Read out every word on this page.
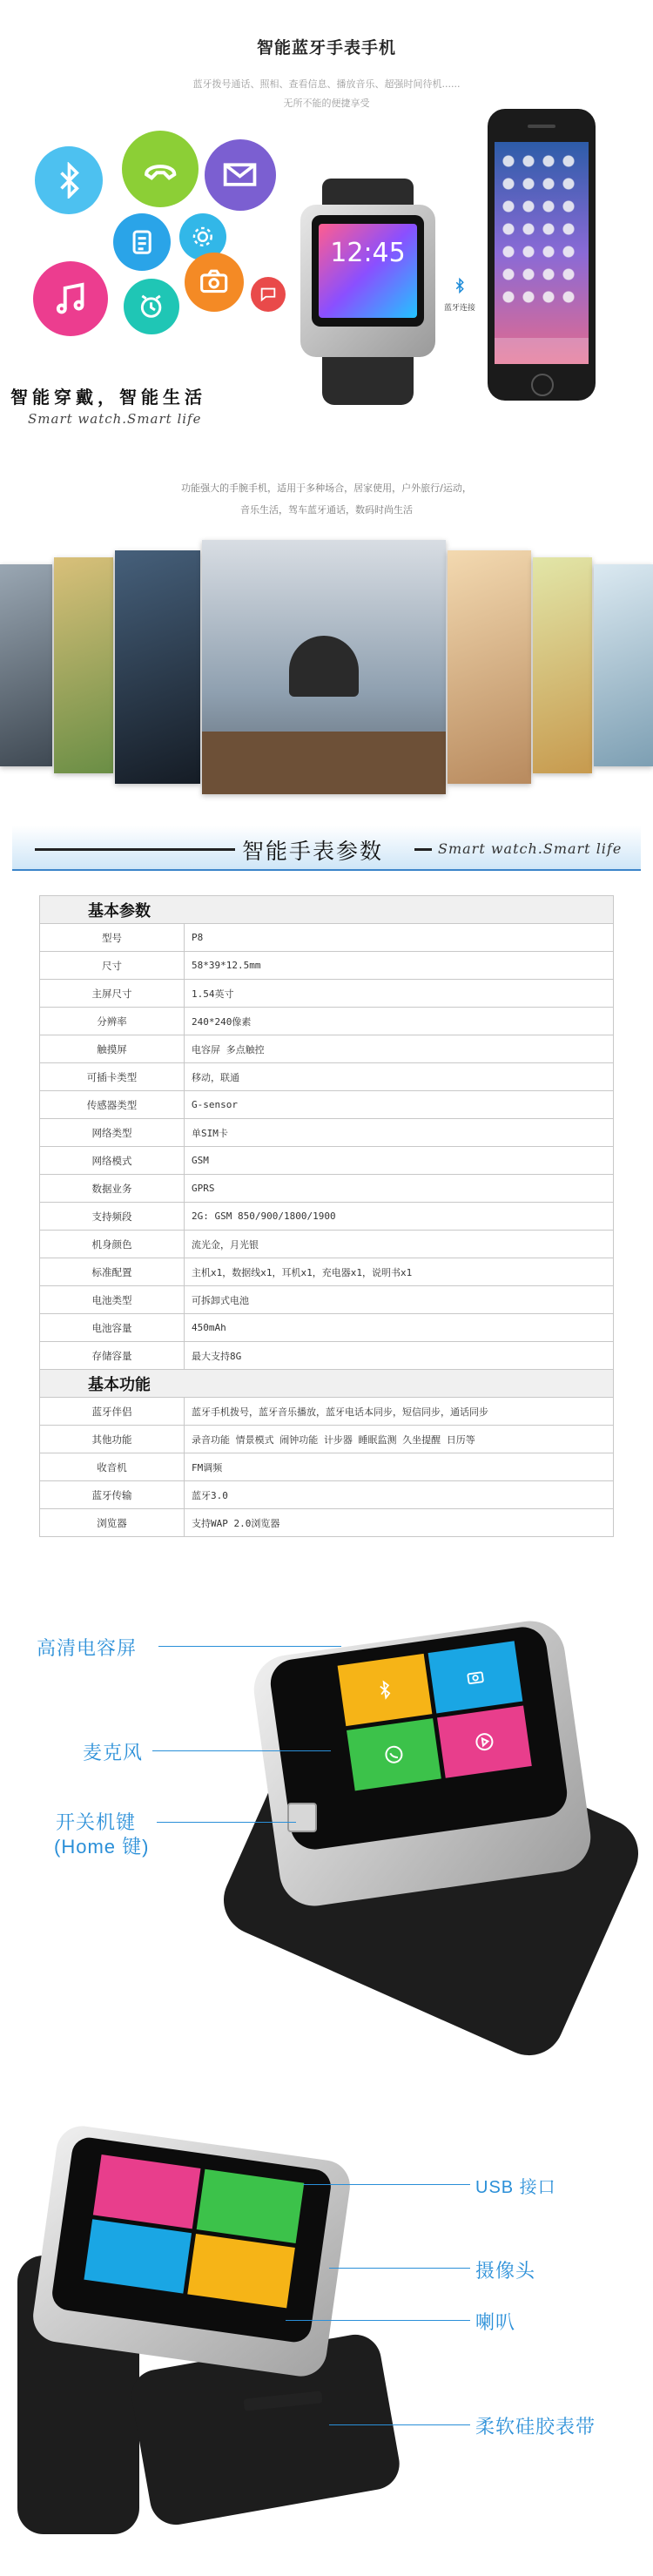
智能蓝牙手表手机
蓝牙拨号通话、照相、查看信息、播放音乐、超强时间待机......
无所不能的便捷享受
12:45
蓝牙连接
智能穿戴，智能生活
Smart watch.Smart life
功能强大的手腕手机，适用于多种场合，居家使用，户外旅行/运动，
音乐生活，驾车蓝牙通话，数码时尚生活
智能手表参数	Smart watch.Smart life
基本参数	
型号	P8
尺寸	58*39*12.5mm
主屏尺寸	1.54英寸
分辨率	240*240像素
触摸屏	电容屏 多点触控
可插卡类型	移动，联通
传感器类型	G-sensor
网络类型	单SIM卡
网络模式	GSM
数据业务	GPRS
支持频段	2G: GSM 850/900/1800/1900
机身颜色	流光金，月光银
标准配置	主机x1，数据线x1，耳机x1，充电器x1，说明书x1
电池类型	可拆卸式电池
电池容量	450mAh
存储容量	最大支持8G
基本功能	
蓝牙伴侣	蓝牙手机拨号，蓝牙音乐播放，蓝牙电话本同步，短信同步，通话同步
其他功能	录音功能 情景模式 闹钟功能 计步器 睡眠监测 久坐提醒 日历等
收音机	FM调频
蓝牙传输	蓝牙3.0
浏览器	支持WAP 2.0浏览器
高清电容屏
麦克风
开关机键
(Home 键)
USB 接口
摄像头
喇叭
柔软硅胶表带
